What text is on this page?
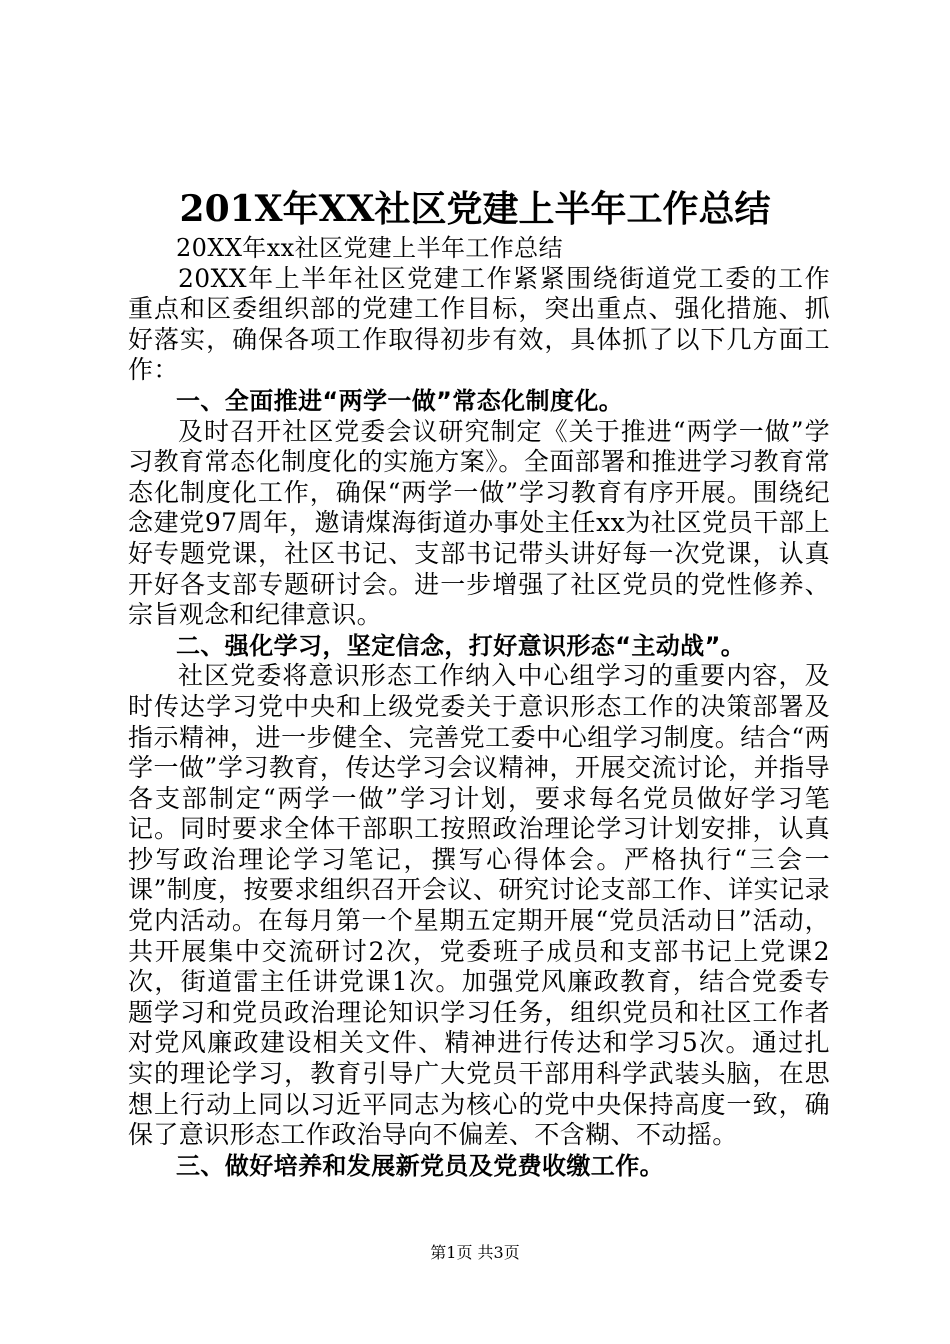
201X年XX社区党建上半年工作总结

20XX年xx社区党建上半年工作总结

20XX年上半年社区党建工作紧紧围绕街道党工委的工作重点和区委组织部的党建工作目标，突出重点、强化措施、抓好落实，确保各项工作取得初步有效，具体抓了以下几方面工作：

一、全面推进“两学一做”常态化制度化。

及时召开社区党委会议研究制定《关于推进“两学一做”学习教育常态化制度化的实施方案》。全面部署和推进学习教育常态化制度化工作，确保“两学一做”学习教育有序开展。围绕纪念建党97周年，邀请煤海街道办事处主任xx为社区党员干部上好专题党课，社区书记、支部书记带头讲好每一次党课，认真开好各支部专题研讨会。进一步增强了社区党员的党性修养、宗旨观念和纪律意识。

二、强化学习，坚定信念，打好意识形态“主动战”。

社区党委将意识形态工作纳入中心组学习的重要内容，及时传达学习党中央和上级党委关于意识形态工作的决策部署及指示精神，进一步健全、完善党工委中心组学习制度。结合“两学一做”学习教育，传达学习会议精神，开展交流讨论，并指导各支部制定“两学一做”学习计划，要求每名党员做好学习笔记。同时要求全体干部职工按照政治理论学习计划安排，认真抄写政治理论学习笔记，撰写心得体会。严格执行“三会一课”制度，按要求组织召开会议、研究讨论支部工作、详实记录党内活动。在每月第一个星期五定期开展“党员活动日”活动，共开展集中交流研讨2次，党委班子成员和支部书记上党课2次，街道雷主任讲党课1次。加强党风廉政教育，结合党委专题学习和党员政治理论知识学习任务，组织党员和社区工作者对党风廉政建设相关文件、精神进行传达和学习5次。通过扎实的理论学习，教育引导广大党员干部用科学武装头脑，在思想上行动上同以习近平同志为核心的党中央保持高度一致，确保了意识形态工作政治导向不偏差、不含糊、不动摇。

三、做好培养和发展新党员及党费收缴工作。

第1页 共3页
